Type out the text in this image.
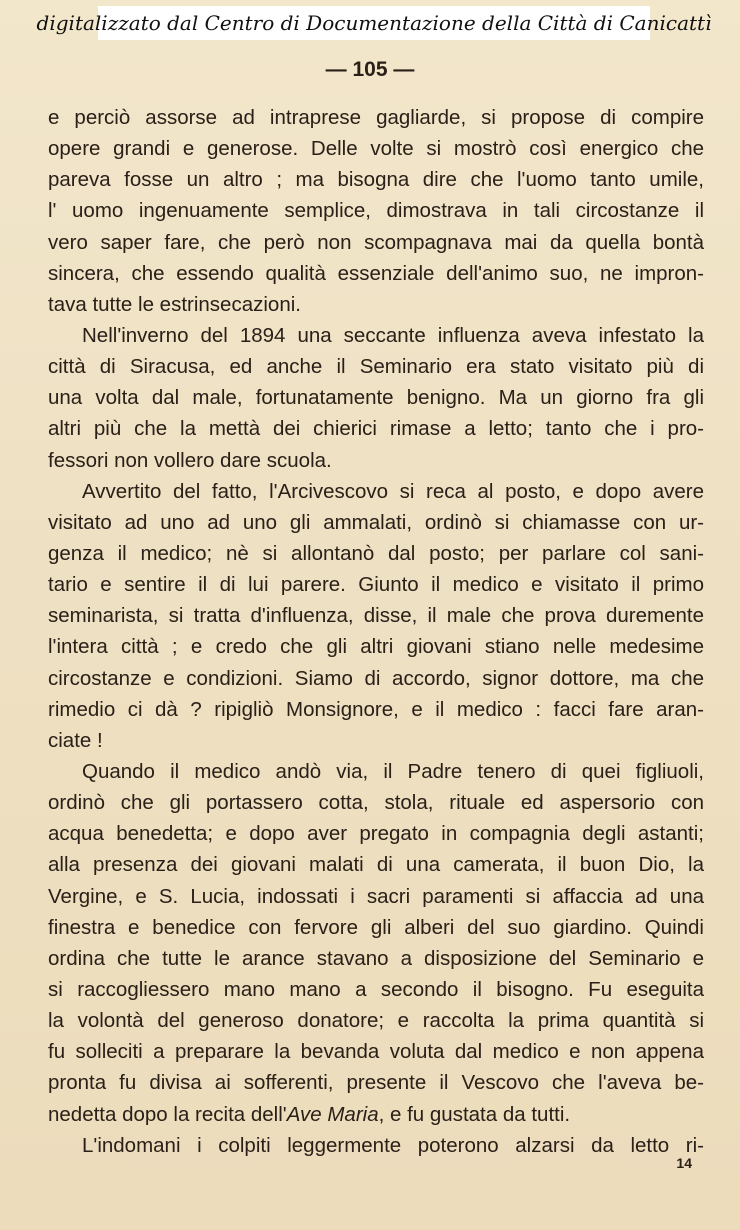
digitalizzato dal Centro di Documentazione della Città di Canicattì
— 105 —
e perciò assorse ad intraprese gagliarde, si propose di compire
opere grandi e generose. Delle volte si mostrò così energico che
pareva fosse un altro ; ma bisogna dire che l'uomo tanto umile,
l' uomo ingenuamente semplice, dimostrava in tali circostanze il
vero saper fare, che però non scompagnava mai da quella bontà
sincera, che essendo qualità essenziale dell'animo suo, ne impron-
tava tutte le estrinsecazioni.
Nell'inverno del 1894 una seccante influenza aveva infestato la
città di Siracusa, ed anche il Seminario era stato visitato più di
una volta dal male, fortunatamente benigno. Ma un giorno fra gli
altri più che la mettà dei chierici rimase a letto; tanto che i pro-
fessori non vollero dare scuola.
Avvertito del fatto, l'Arcivescovo si reca al posto, e dopo avere
visitato ad uno ad uno gli ammalati, ordinò si chiamasse con ur-
genza il medico; nè si allontanò dal posto; per parlare col sani-
tario e sentire il di lui parere. Giunto il medico e visitato il primo
seminarista, si tratta d'influenza, disse, il male che prova duremente
l'intera città ; e credo che gli altri giovani stiano nelle medesime
circostanze e condizioni. Siamo di accordo, signor dottore, ma che
rimedio ci dà ? ripigliò Monsignore, e il medico : facci fare aran-
ciate !
Quando il medico andò via, il Padre tenero di quei figliuoli,
ordinò che gli portassero cotta, stola, rituale ed aspersorio con
acqua benedetta; e dopo aver pregato in compagnia degli astanti;
alla presenza dei giovani malati di una camerata, il buon Dio, la
Vergine, e S. Lucia, indossati i sacri paramenti si affaccia ad una
finestra e benedice con fervore gli alberi del suo giardino. Quindi
ordina che tutte le arance stavano a disposizione del Seminario e
si raccogliessero mano mano a secondo il bisogno. Fu eseguita
la volontà del generoso donatore; e raccolta la prima quantità si
fu solleciti a preparare la bevanda voluta dal medico e non appena
pronta fu divisa ai sofferenti, presente il Vescovo che l'aveva be-
nedetta dopo la recita dell'Ave Maria, e fu gustata da tutti.
L'indomani i colpiti leggermente poterono alzarsi da letto ri-
14
